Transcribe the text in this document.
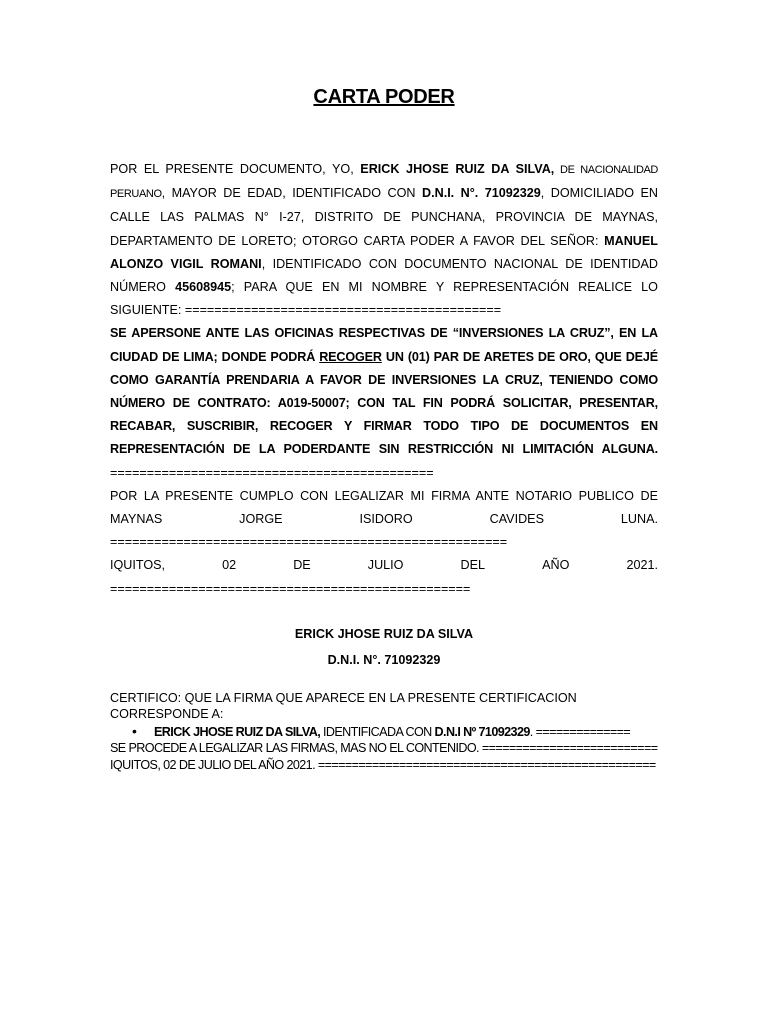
CARTA PODER
POR EL PRESENTE DOCUMENTO, YO, ERICK JHOSE RUIZ DA SILVA, DE NACIONALIDAD PERUANO, MAYOR DE EDAD, IDENTIFICADO CON D.N.I. N°. 71092329, DOMICILIADO EN CALLE LAS PALMAS N° I-27, DISTRITO DE PUNCHANA, PROVINCIA DE MAYNAS, DEPARTAMENTO DE LORETO; OTORGO CARTA PODER A FAVOR DEL SEÑOR: MANUEL ALONZO VIGIL ROMANI, IDENTIFICADO CON DOCUMENTO NACIONAL DE IDENTIDAD NÚMERO 45608945; PARA QUE EN MI NOMBRE Y REPRESENTACIÓN REALICE LO SIGUIENTE: ===========================================
SE APERSONE ANTE LAS OFICINAS RESPECTIVAS DE “INVERSIONES LA CRUZ”, EN LA CIUDAD DE LIMA; DONDE PODRÁ RECOGER UN (01) PAR DE ARETES DE ORO, QUE DEJÉ COMO GARANTÍA PRENDARIA A FAVOR DE INVERSIONES LA CRUZ, TENIENDO COMO NÚMERO DE CONTRATO: A019-50007; CON TAL FIN PODRÁ SOLICITAR, PRESENTAR, RECABAR, SUSCRIBIR, RECOGER Y FIRMAR TODO TIPO DE DOCUMENTOS EN REPRESENTACIÓN DE LA PODERDANTE SIN RESTRICCIÓN NI LIMITACIÓN ALGUNA. ============================================
POR LA PRESENTE CUMPLO CON LEGALIZAR MI FIRMA ANTE NOTARIO PUBLICO DE MAYNAS JORGE ISIDORO CAVIDES LUNA. ======================================================
IQUITOS,	02	DE	JULIO	DEL	AÑO	2021.
=================================================
ERICK JHOSE RUIZ DA SILVA
D.N.I. N°. 71092329
CERTIFICO: QUE LA FIRMA QUE APARECE EN LA PRESENTE CERTIFICACION CORRESPONDE A:
•	ERICK JHOSE RUIZ DA SILVA, IDENTIFICADA CON D.N.I Nº 71092329. ==============
SE PROCEDE A LEGALIZAR LAS FIRMAS, MAS NO EL CONTENIDO. ==========================
IQUITOS, 02 DE JULIO DEL AÑO 2021. ==================================================
